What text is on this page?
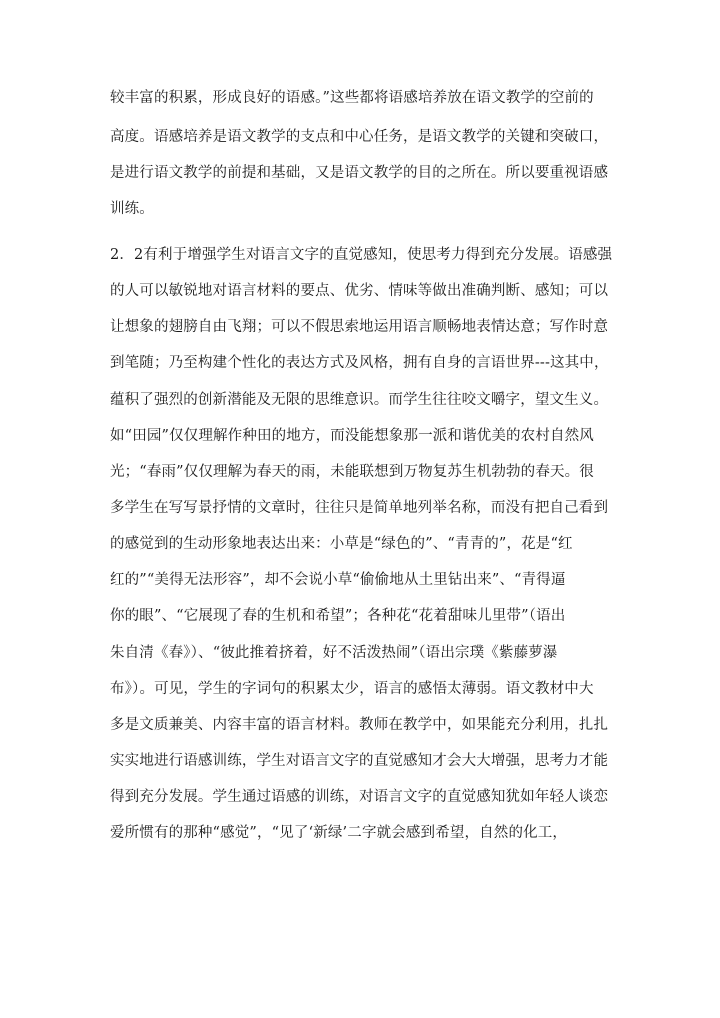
较丰富的积累，形成良好的语感。”这些都将语感培养放在语文教学的空前的
高度。语感培养是语文教学的支点和中心任务，是语文教学的关键和突破口，
是进行语文教学的前提和基础，又是语文教学的目的之所在。所以要重视语感
训练。
2．2有利于增强学生对语言文字的直觉感知，使思考力得到充分发展。语感强
的人可以敏锐地对语言材料的要点、优劣、情味等做出准确判断、感知；可以
让想象的翅膀自由飞翔；可以不假思索地运用语言顺畅地表情达意；写作时意
到笔随；乃至构建个性化的表达方式及风格，拥有自身的言语世界---这其中，
蕴积了强烈的创新潜能及无限的思维意识。而学生往往咬文嚼字，望文生义。
如“田园”仅仅理解作种田的地方，而没能想象那一派和谐优美的农村自然风
光；“春雨”仅仅理解为春天的雨，未能联想到万物复苏生机勃勃的春天。很
多学生在写写景抒情的文章时，往往只是简单地列举名称，而没有把自己看到
的感觉到的生动形象地表达出来：小草是“绿色的”、“青青的”，花是“红
红的”“美得无法形容”，却不会说小草“偷偷地从土里钻出来”、“青得逼
你的眼”、“它展现了春的生机和希望”；各种花“花着甜味儿里带”（语出
朱自清《春》）、“彼此推着挤着，好不活泼热闹”（语出宗璞《紫藤萝瀑
布》）。可见，学生的字词句的积累太少，语言的感悟太薄弱。语文教材中大
多是文质兼美、内容丰富的语言材料。教师在教学中，如果能充分利用，扎扎
实实地进行语感训练，学生对语言文字的直觉感知才会大大增强，思考力才能
得到充分发展。学生通过语感的训练，对语言文字的直觉感知犹如年轻人谈恋
爱所惯有的那种“感觉”，“见了‘新绿’二字就会感到希望，自然的化工，
